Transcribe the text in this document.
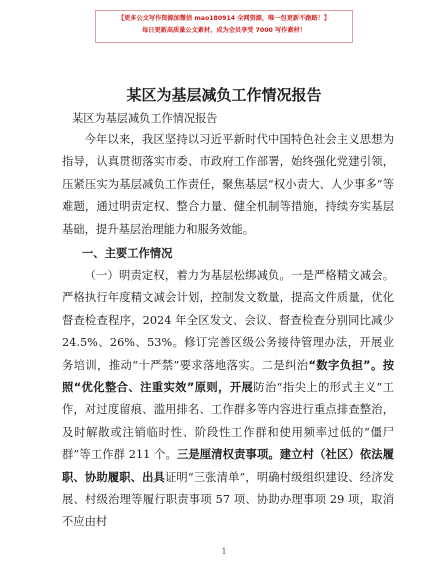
【更多公文写作资源加微信 mao180914 全网资源，唯一包更新不跑路！】
每日更新高质量公文素材，成为会员享受 7000 写作素材！
某区为基层减负工作情况报告
某区为基层减负工作情况报告
今年以来，我区坚持以习近平新时代中国特色社会主义思想为指导，认真贯彻落实市委、市政府工作部署，始终强化党建引领，压紧压实为基层减负工作责任，聚焦基层“权小责大、人少事多”等难题，通过明责定权、整合力量、健全机制等措施，持续夯实基层基础，提升基层治理能力和服务效能。
一、主要工作情况
（一）明责定权，着力为基层松绑减负。一是严格精文减会。严格执行年度精文减会计划，控制发文数量，提高文件质量，优化督查检查程序，2024 年全区发文、会议、督查检查分别同比减少 24.5%、26%、53%。修订完善区级公务接待管理办法，开展业务培训，推动“十严禁”要求落地落实。二是纠治“数字负担”。按照“优化整合、注重实效”原则，开展防治“指尖上的形式主义”工作，对过度留痕、滥用排名、工作群多等内容进行重点排查整治，及时解散或注销临时性、阶段性工作群和使用频率过低的“僵尸群”等工作群 211 个。三是厘清权责事项。建立村（社区）依法履职、协助履职、出具证明“三张清单”，明确村级组织建设、经济发展、村级治理等履行职责事项 57 项、协助办理事项 29 项，取消不应由村
1
